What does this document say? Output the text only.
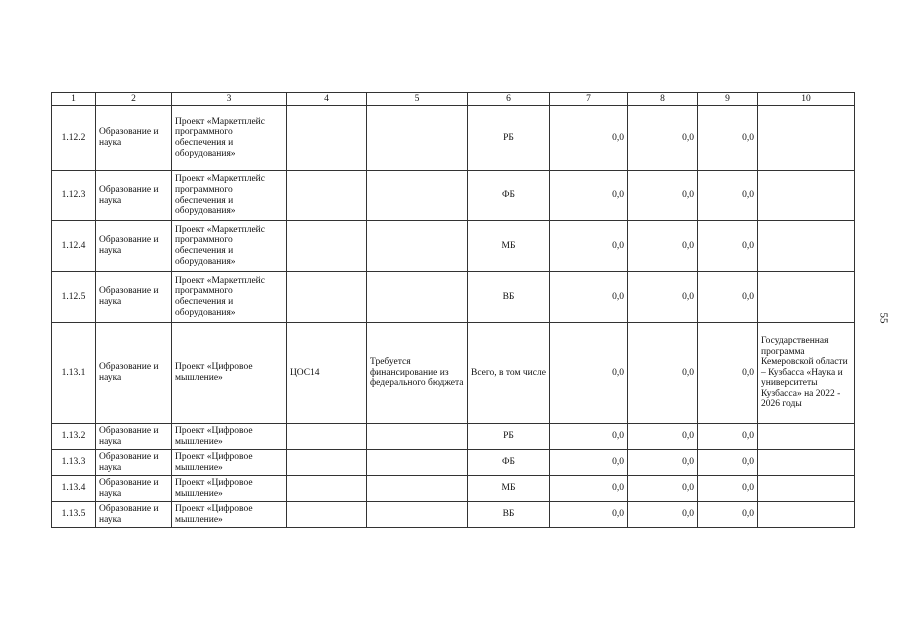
1	2	3	4	5	6	7	8	9	10
1.12.2	Образование и наука	Проект «Маркетплейс программного обеспечения и оборудования»			РБ	0,0	0,0	0,0	
1.12.3	Образование и наука	Проект «Маркетплейс программного обеспечения и оборудования»			ФБ	0,0	0,0	0,0	
1.12.4	Образование и наука	Проект «Маркетплейс программного обеспечения и оборудования»			МБ	0,0	0,0	0,0	
1.12.5	Образование и наука	Проект «Маркетплейс программного обеспечения и оборудования»			ВБ	0,0	0,0	0,0	
1.13.1	Образование и наука	Проект «Цифровое мышление»	ЦОС14	Требуется финансирование из федерального бюджета	Всего, в том числе	0,0	0,0	0,0	Государственная программа Кемеровской области – Кузбасса «Наука и университеты Кузбасса» на 2022 - 2026 годы
1.13.2	Образование и наука	Проект «Цифровое мышление»			РБ	0,0	0,0	0,0	
1.13.3	Образование и наука	Проект «Цифровое мышление»			ФБ	0,0	0,0	0,0	
1.13.4	Образование и наука	Проект «Цифровое мышление»			МБ	0,0	0,0	0,0	
1.13.5	Образование и наука	Проект «Цифровое мышление»			ВБ	0,0	0,0	0,0	
55
